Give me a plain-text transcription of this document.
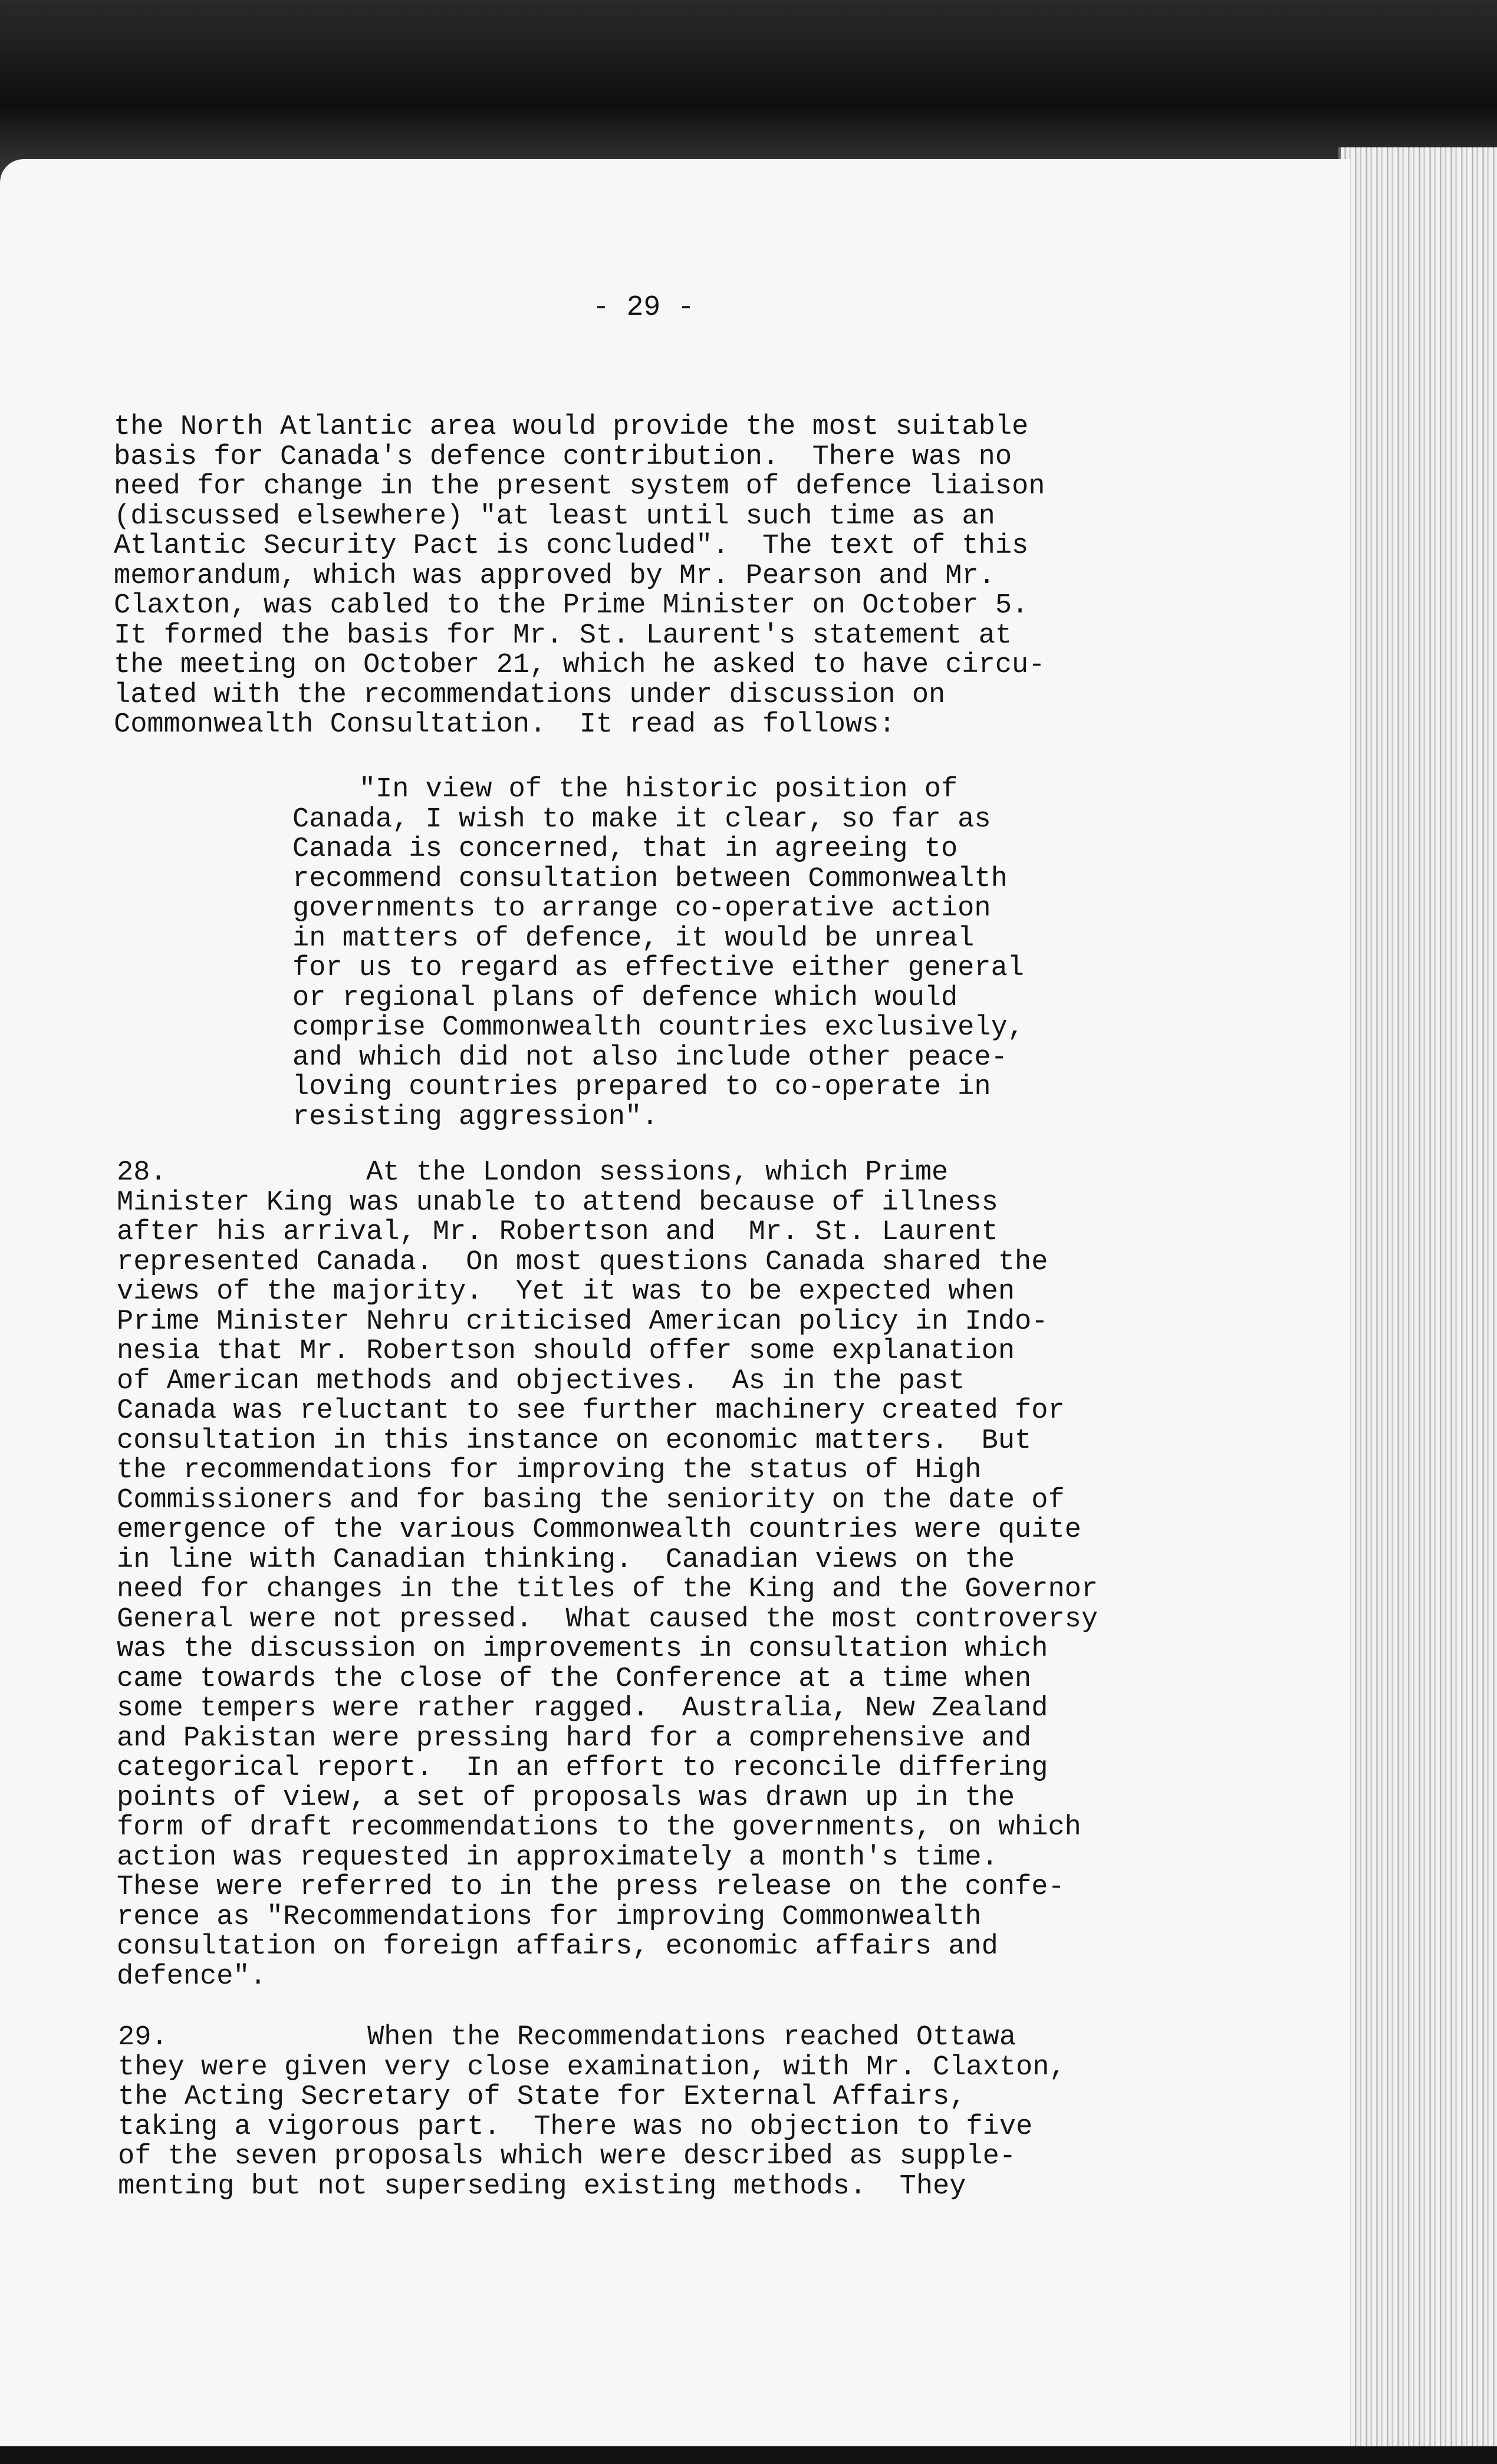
- 29 -
the North Atlantic area would provide the most suitable
basis for Canada's defence contribution.  There was no
need for change in the present system of defence liaison
(discussed elsewhere) "at least until such time as an
Atlantic Security Pact is concluded".  The text of this
memorandum, which was approved by Mr. Pearson and Mr.
Claxton, was cabled to the Prime Minister on October 5.
It formed the basis for Mr. St. Laurent's statement at
the meeting on October 21, which he asked to have circu-
lated with the recommendations under discussion on
Commonwealth Consultation.  It read as follows:
"In view of the historic position of
Canada, I wish to make it clear, so far as
Canada is concerned, that in agreeing to
recommend consultation between Commonwealth
governments to arrange co-operative action
in matters of defence, it would be unreal
for us to regard as effective either general
or regional plans of defence which would
comprise Commonwealth countries exclusively,
and which did not also include other peace-
loving countries prepared to co-operate in
resisting aggression".
28.            At the London sessions, which Prime
Minister King was unable to attend because of illness
after his arrival, Mr. Robertson and  Mr. St. Laurent
represented Canada.  On most questions Canada shared the
views of the majority.  Yet it was to be expected when
Prime Minister Nehru criticised American policy in Indo-
nesia that Mr. Robertson should offer some explanation
of American methods and objectives.  As in the past
Canada was reluctant to see further machinery created for
consultation in this instance on economic matters.  But
the recommendations for improving the status of High
Commissioners and for basing the seniority on the date of
emergence of the various Commonwealth countries were quite
in line with Canadian thinking.  Canadian views on the
need for changes in the titles of the King and the Governor
General were not pressed.  What caused the most controversy
was the discussion on improvements in consultation which
came towards the close of the Conference at a time when
some tempers were rather ragged.  Australia, New Zealand
and Pakistan were pressing hard for a comprehensive and
categorical report.  In an effort to reconcile differing
points of view, a set of proposals was drawn up in the
form of draft recommendations to the governments, on which
action was requested in approximately a month's time.
These were referred to in the press release on the confe-
rence as "Recommendations for improving Commonwealth
consultation on foreign affairs, economic affairs and
defence".
29.            When the Recommendations reached Ottawa
they were given very close examination, with Mr. Claxton,
the Acting Secretary of State for External Affairs,
taking a vigorous part.  There was no objection to five
of the seven proposals which were described as supple-
menting but not superseding existing methods.  They
